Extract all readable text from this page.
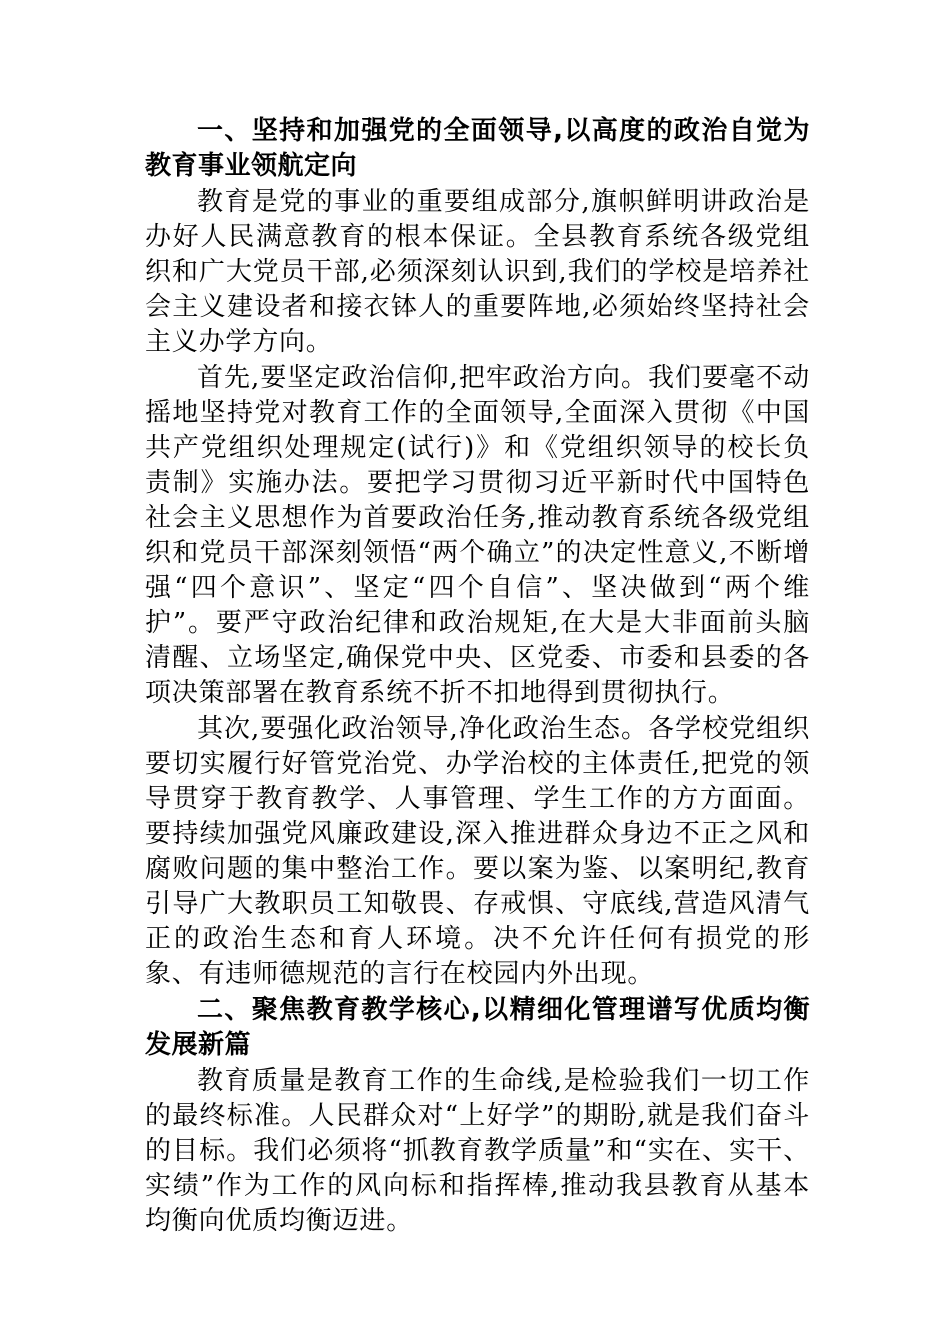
一、坚持和加强党的全面领导,以高度的政治自觉为教育事业领航定向

教育是党的事业的重要组成部分,旗帜鲜明讲政治是办好人民满意教育的根本保证。全县教育系统各级党组织和广大党员干部,必须深刻认识到,我们的学校是培养社会主义建设者和接衣钵人的重要阵地,必须始终坚持社会主义办学方向。

首先,要坚定政治信仰,把牢政治方向。我们要毫不动摇地坚持党对教育工作的全面领导,全面深入贯彻《中国共产党组织处理规定(试行)》和《党组织领导的校长负责制》实施办法。要把学习贯彻习近平新时代中国特色社会主义思想作为首要政治任务,推动教育系统各级党组织和党员干部深刻领悟“两个确立”的决定性意义,不断增强“四个意识”、坚定“四个自信”、坚决做到“两个维护”。要严守政治纪律和政治规矩,在大是大非面前头脑清醒、立场坚定,确保党中央、区党委、市委和县委的各项决策部署在教育系统不折不扣地得到贯彻执行。

其次,要强化政治领导,净化政治生态。各学校党组织要切实履行好管党治党、办学治校的主体责任,把党的领导贯穿于教育教学、人事管理、学生工作的方方面面。要持续加强党风廉政建设,深入推进群众身边不正之风和腐败问题的集中整治工作。要以案为鉴、以案明纪,教育引导广大教职员工知敬畏、存戒惧、守底线,营造风清气正的政治生态和育人环境。决不允许任何有损党的形象、有违师德规范的言行在校园内外出现。

二、聚焦教育教学核心,以精细化管理谱写优质均衡发展新篇

教育质量是教育工作的生命线,是检验我们一切工作的最终标准。人民群众对“上好学”的期盼,就是我们奋斗的目标。我们必须将“抓教育教学质量”和“实在、实干、实绩”作为工作的风向标和指挥棒,推动我县教育从基本均衡向优质均衡迈进。
